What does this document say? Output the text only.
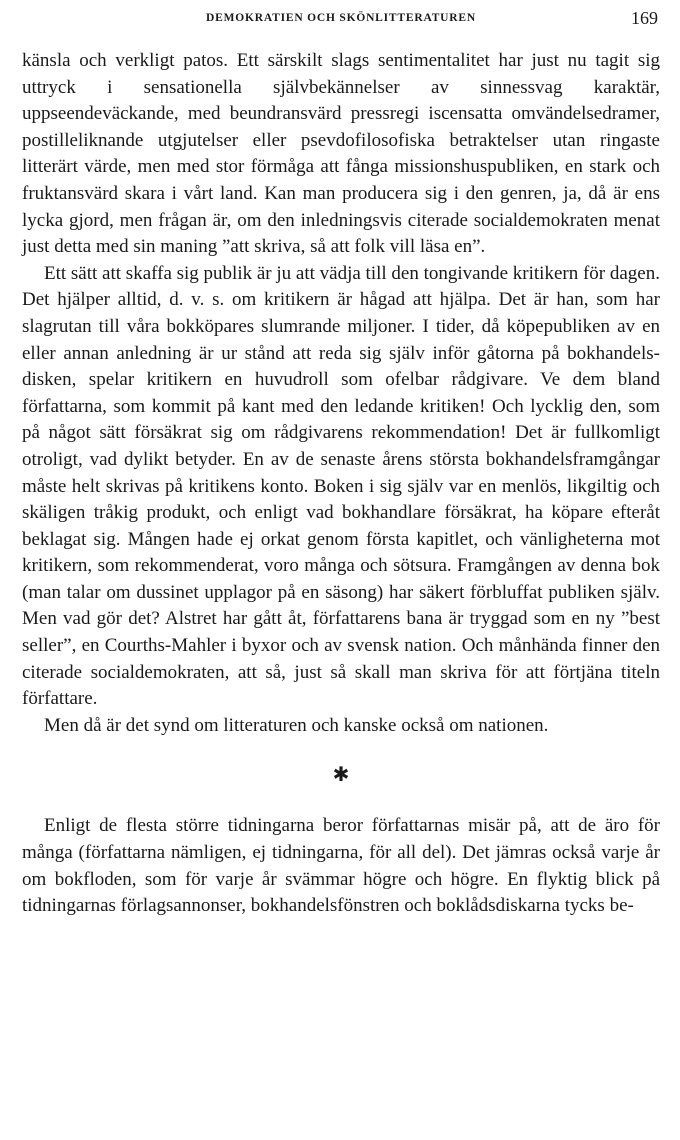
DEMOKRATIEN OCH SKÖNLITTERATUREN	169

känsla och verkligt patos. Ett särskilt slags sentimentalitet har just nu tagit sig uttryck i sensationella självbekännelser av sinnessvag karaktär, uppseendeväckande, med beundransvärd pressregi iscensatta omvändelsedramer, postilleliknande utgjutelser eller psevdofilosofiska betraktelser utan ringaste litterärt värde, men med stor förmåga att fånga missionshuspubliken, en stark och fruktansvärd skara i vårt land. Kan man producera sig i den genren, ja, då är ens lycka gjord, men frågan är, om den inledningsvis citerade socialdemokraten menat just detta med sin maning ”att skriva, så att folk vill läsa en”.

Ett sätt att skaffa sig publik är ju att vädja till den tongivande kritikern för dagen. Det hjälper alltid, d. v. s. om kritikern är hågad att hjälpa. Det är han, som har slagrutan till våra bokköpares slumrande miljoner. I tider, då köpepubliken av en eller annan anledning är ur stånd att reda sig själv inför gåtorna på bokhandelsdisken, spelar kritikern en huvudroll som ofelbar rådgivare. Ve dem bland författarna, som kommit på kant med den ledande kritiken! Och lycklig den, som på något sätt försäkrat sig om rådgivarens rekommendation! Det är fullkomligt otroligt, vad dylikt betyder. En av de senaste årens största bokhandelsframgångar måste helt skrivas på kritikens konto. Boken i sig själv var en menlös, likgiltig och skäligen tråkig produkt, och enligt vad bokhandlare försäkrat, ha köpare efteråt beklagat sig. Mången hade ej orkat genom första kapitlet, och vänligheterna mot kritikern, som rekommenderat, voro många och sötsura. Framgången av denna bok (man talar om dussinet upplagor på en säsong) har säkert förbluffat publiken själv. Men vad gör det? Alstret har gått åt, författarens bana är tryggad som en ny ”best seller”, en Courths-Mahler i byxor och av svensk nation. Och månhända finner den citerade socialdemokraten, att så, just så skall man skriva för att förtjäna titeln författare.

Men då är det synd om litteraturen och kanske också om nationen.

✱

Enligt de flesta större tidningarna beror författarnas misär på, att de äro för många (författarna nämligen, ej tidningarna, för all del). Det jämras också varje år om bokfloden, som för varje år svämmar högre och högre. En flyktig blick på tidningarnas förlagsannonser, bokhandelsfönstren och boklådsdiskarna tycks be-
